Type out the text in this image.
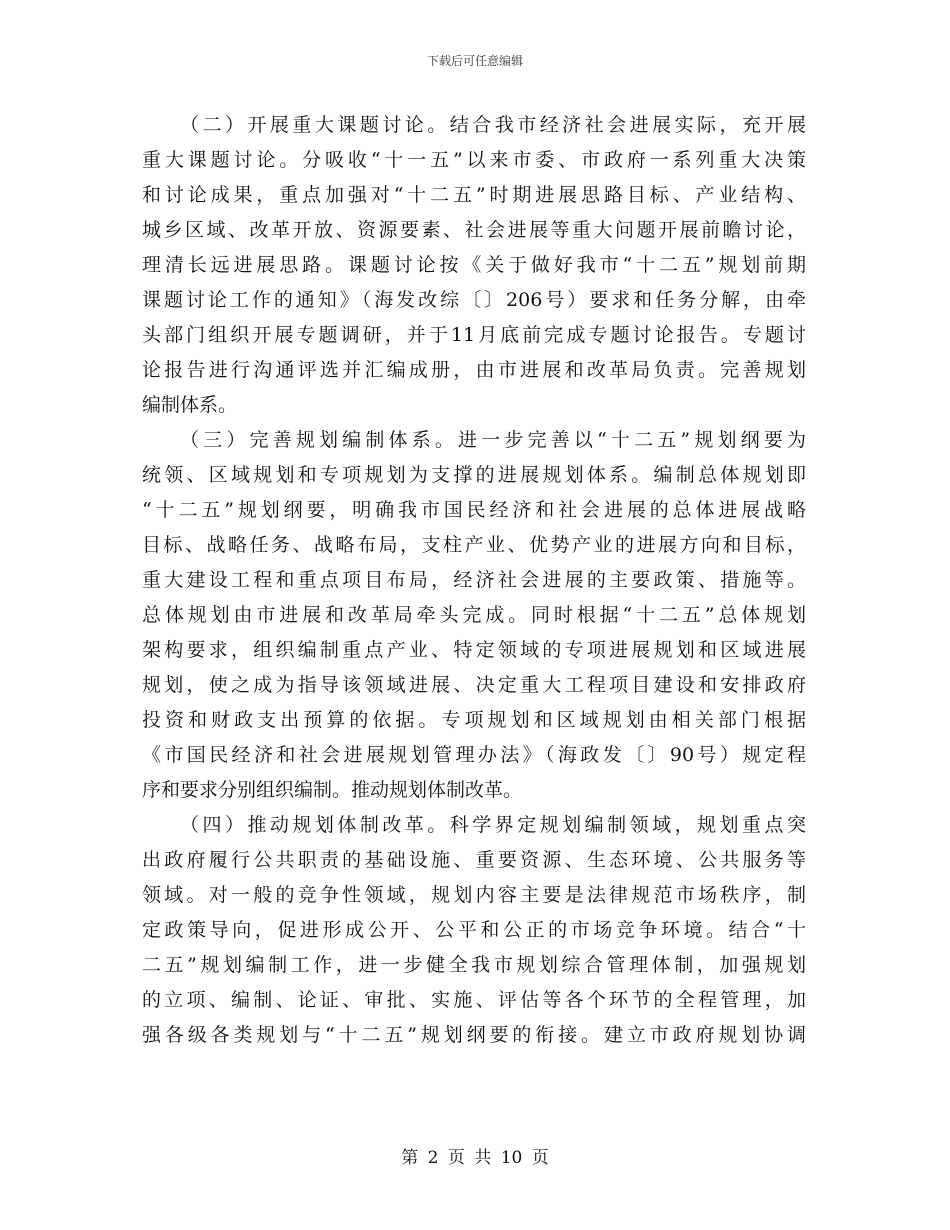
下载后可任意编辑
（二）开展重大课题讨论。结合我市经济社会进展实际，充开展
重大课题讨论。分吸收“十一五”以来市委、市政府一系列重大决策
和讨论成果，重点加强对“十二五”时期进展思路目标、产业结构、
城乡区域、改革开放、资源要素、社会进展等重大问题开展前瞻讨论，
理清长远进展思路。课题讨论按《关于做好我市“十二五”规划前期
课题讨论工作的通知》（海发改综〔〕206号）要求和任务分解，由牵
头部门组织开展专题调研，并于11月底前完成专题讨论报告。专题讨
论报告进行沟通评选并汇编成册，由市进展和改革局负责。完善规划
编制体系。
（三）完善规划编制体系。进一步完善以“十二五”规划纲要为
统领、区域规划和专项规划为支撑的进展规划体系。编制总体规划即
“十二五”规划纲要，明确我市国民经济和社会进展的总体进展战略
目标、战略任务、战略布局，支柱产业、优势产业的进展方向和目标，
重大建设工程和重点项目布局，经济社会进展的主要政策、措施等。
总体规划由市进展和改革局牵头完成。同时根据“十二五”总体规划
架构要求，组织编制重点产业、特定领域的专项进展规划和区域进展
规划，使之成为指导该领域进展、决定重大工程项目建设和安排政府
投资和财政支出预算的依据。专项规划和区域规划由相关部门根据
《市国民经济和社会进展规划管理办法》（海政发〔〕90号）规定程
序和要求分别组织编制。推动规划体制改革。
（四）推动规划体制改革。科学界定规划编制领域，规划重点突
出政府履行公共职责的基础设施、重要资源、生态环境、公共服务等
领域。对一般的竞争性领域，规划内容主要是法律规范市场秩序，制
定政策导向，促进形成公开、公平和公正的市场竞争环境。结合“十
二五”规划编制工作，进一步健全我市规划综合管理体制，加强规划
的立项、编制、论证、审批、实施、评估等各个环节的全程管理，加
强各级各类规划与“十二五”规划纲要的衔接。建立市政府规划协调
第 2 页 共 10 页
